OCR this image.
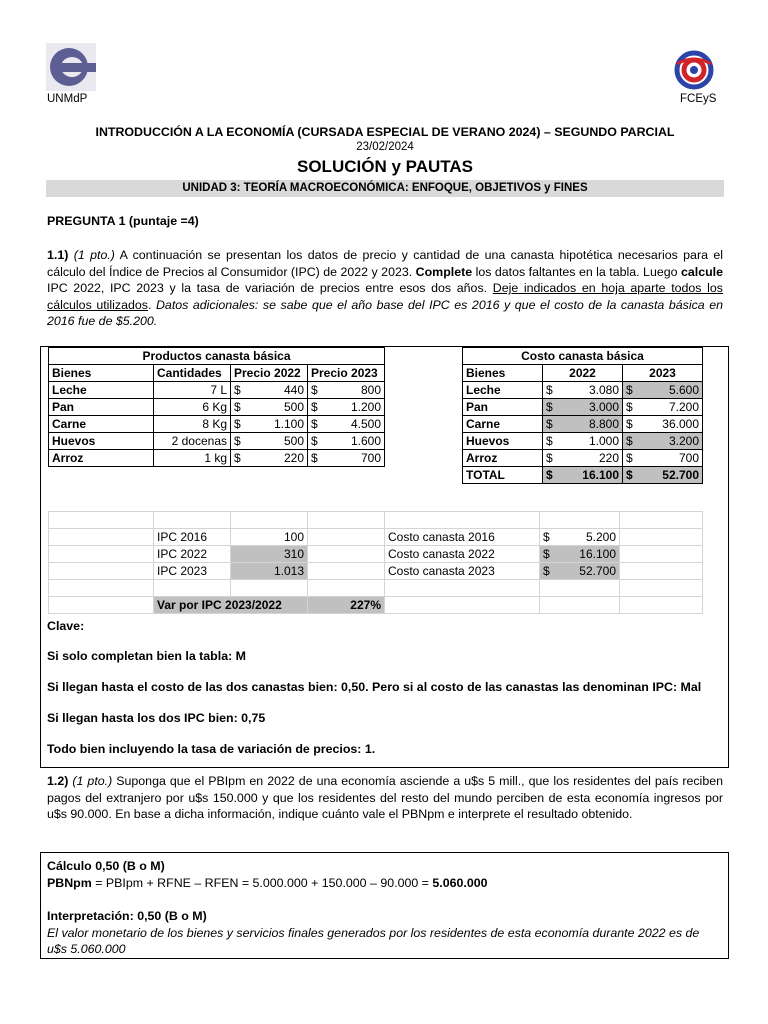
UNMdP	FCEyS
INTRODUCCIÓN A LA ECONOMÍA (CURSADA ESPECIAL DE VERANO 2024) – SEGUNDO PARCIAL
23/02/2024
SOLUCIÓN y PAUTAS
UNIDAD 3: TEORÍA MACROECONÓMICA: ENFOQUE, OBJETIVOS y FINES
PREGUNTA 1 (puntaje =4)
1.1) (1 pto.) A continuación se presentan los datos de precio y cantidad de una canasta hipotética necesarios para el cálculo del Índice de Precios al Consumidor (IPC) de 2022 y 2023. Complete los datos faltantes en la tabla. Luego calcule IPC 2022, IPC 2023 y la tasa de variación de precios entre esos dos años. Deje indicados en hoja aparte todos los cálculos utilizados. Datos adicionales: se sabe que el año base del IPC es 2016 y que el costo de la canasta básica en 2016 fue de $5.200.
Productos canasta básica			
Bienes	Cantidades	Precio 2022	Precio 2023
Leche	7 L	$ 440	$ 800

Pan	6 Kg	$ 500	$ 1.200

Carne	8 Kg	$ 1.100	$ 4.500

Huevos	2 docenas	$ 500	$ 1.600

Arroz	1 kg	$ 220	$ 700
Costo canasta básica		
Bienes	2022	2023
Leche	$ 3.080	$ 5.600

Pan	$ 3.000	$ 7.200

Carne	$ 8.800	$ 36.000

Huevos	$ 1.000	$ 3.200

Arroz	$ 220	$ 700

TOTAL	$ 16.100	$ 52.700

	IPC 2016	100		Costo canasta 2016	$ 5.200	

	IPC 2022	310		Costo canasta 2022	$ 16.100	

	IPC 2023	1.013		Costo canasta 2023	$ 52.700	

	Var por IPC 2023/2022		227%			
Clave:
Si solo completan bien la tabla: M
Si llegan hasta el costo de las dos canastas bien: 0,50. Pero si al costo de las canastas las denominan IPC: Mal
Si llegan hasta los dos IPC bien: 0,75
Todo bien incluyendo la tasa de variación de precios: 1.
1.2) (1 pto.) Suponga que el PBIpm en 2022 de una economía asciende a u$s 5 mill., que los residentes del país reciben pagos del extranjero por u$s 150.000 y que los residentes del resto del mundo perciben de esta economía ingresos por u$s 90.000. En base a dicha información, indique cuánto vale el PBNpm e interprete el resultado obtenido.
Cálculo 0,50 (B o M)
PBNpm = PBIpm + RFNE – RFEN = 5.000.000 + 150.000 – 90.000 = 5.060.000
Interpretación: 0,50 (B o M)
El valor monetario de los bienes y servicios finales generados por los residentes de esta economía durante 2022 es de u$s 5.060.000
